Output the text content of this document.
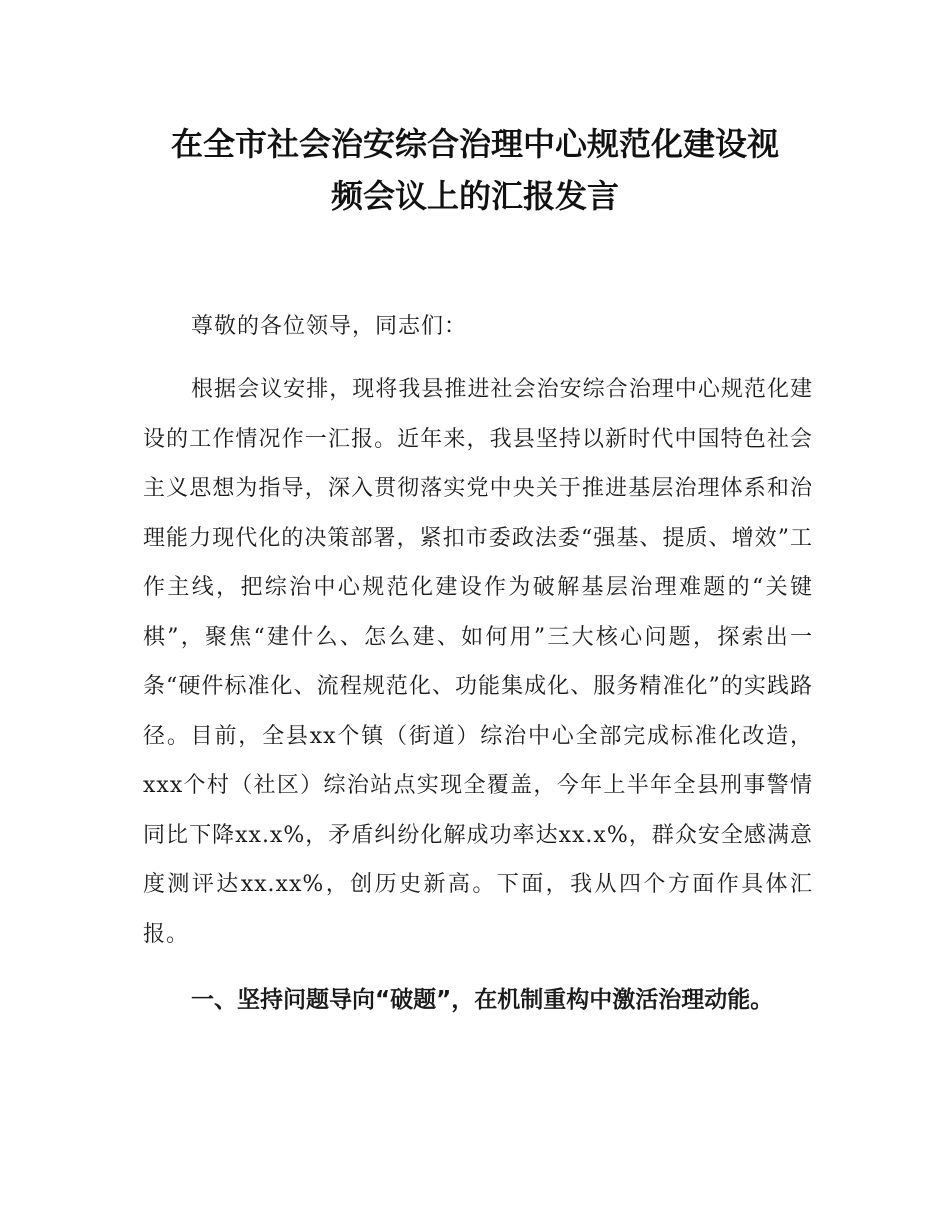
在全市社会治安综合治理中心规范化建设视
频会议上的汇报发言

尊敬的各位领导，同志们：

根据会议安排，现将我县推进社会治安综合治理中心规范化建设的工作情况作一汇报。近年来，我县坚持以新时代中国特色社会主义思想为指导，深入贯彻落实党中央关于推进基层治理体系和治理能力现代化的决策部署，紧扣市委政法委“强基、提质、增效”工作主线，把综治中心规范化建设作为破解基层治理难题的“关键棋”，聚焦“建什么、怎么建、如何用”三大核心问题，探索出一条“硬件标准化、流程规范化、功能集成化、服务精准化”的实践路径。目前，全县xx个镇（街道）综治中心全部完成标准化改造，xxx个村（社区）综治站点实现全覆盖，今年上半年全县刑事警情同比下降xx.x%，矛盾纠纷化解成功率达xx.x%，群众安全感满意度测评达xx.xx%，创历史新高。下面，我从四个方面作具体汇报。

一、坚持问题导向“破题”，在机制重构中激活治理动能。
